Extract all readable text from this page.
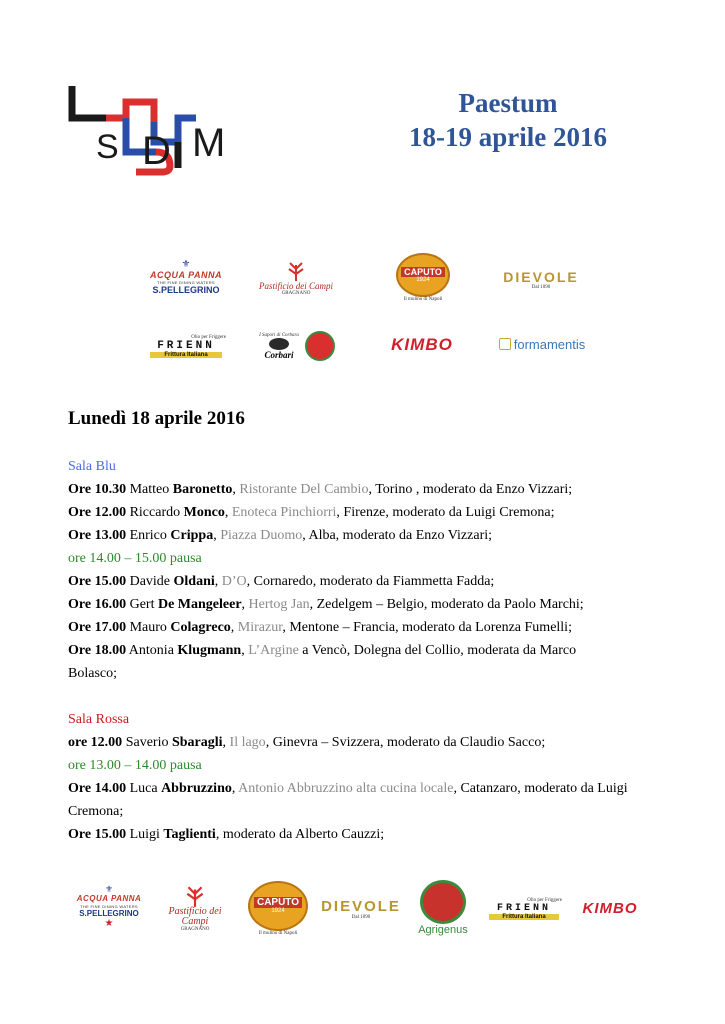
S D M
Paestum
18-19 aprile 2016
⚜
ACQUA PANNA
THE FINE DINING WATERS
S.PELLEGRINO	Pastificio dei Campi
GRAGNANO
CAPUTO
1924
Il mulino di Napoli
DIEVOLE
Dal 1090
Olio per Friggere
FRIENN
Frittura Italiana
I Sapori di Corbara
Corbari
KIMBO	formamentis
Lunedì 18 aprile 2016
Sala Blu
Ore 10.30 Matteo Baronetto, Ristorante Del Cambio, Torino , moderato da Enzo Vizzari;
Ore 12.00 Riccardo Monco, Enoteca Pinchiorri, Firenze, moderato da Luigi Cremona;
Ore 13.00 Enrico Crippa, Piazza Duomo, Alba, moderato da Enzo Vizzari;
ore 14.00 – 15.00 pausa
Ore 15.00 Davide Oldani, D’O, Cornaredo, moderato da Fiammetta Fadda;
Ore 16.00 Gert De Mangeleer, Hertog Jan, Zedelgem – Belgio, moderato da Paolo Marchi;
Ore 17.00 Mauro Colagreco, Mirazur, Mentone – Francia, moderato da Lorenza Fumelli;
Ore 18.00 Antonia Klugmann, L’Argine a Vencò, Dolegna del Collio, moderata da Marco
Bolasco;
Sala Rossa
ore 12.00 Saverio Sbaragli, Il lago, Ginevra – Svizzera, moderato da Claudio Sacco;
ore 13.00 – 14.00 pausa
Ore 14.00 Luca Abbruzzino, Antonio Abbruzzino alta cucina locale, Catanzaro, moderato da Luigi
Cremona;
Ore 15.00 Luigi Taglienti, moderato da Alberto Cauzzi;
⚜
ACQUA PANNA
THE FINE DINING WATERS
S.PELLEGRINO
★
Pastificio dei Campi
GRAGNANO
CAPUTO
1924
Il mulino di Napoli
DIEVOLE
Dal 1090
Agrigenus
Olio per Friggere
FRIENN
Frittura Italiana
KIMBO
